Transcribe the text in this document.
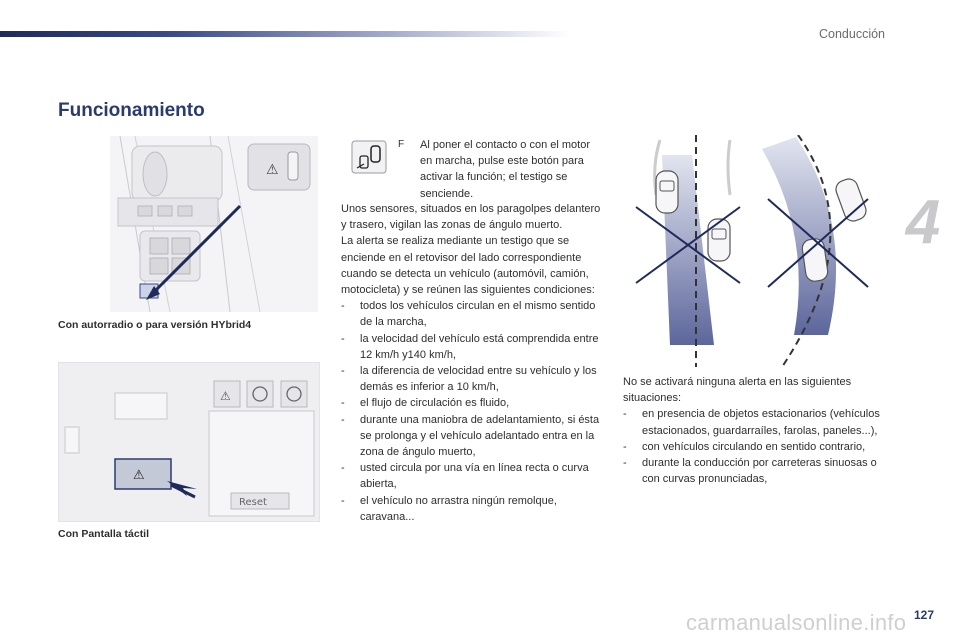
Conducción
4
Funcionamiento
⚠
Con autorradio o para versión HYbrid4
⚠
⚠
Reset
Con Pantalla táctil
F Al poner el contacto o con el motor en marcha, pulse este botón para activar la función; el testigo se senciende.

Unos sensores, situados en los paragolpes delantero y trasero, vigilan las zonas de ángulo muerto.

La alerta se realiza mediante un testigo que se enciende en el retovisor del lado correspondiente cuando se detecta un vehículo (automóvil, camión, motocicleta) y se reúnen las siguientes condiciones:

- todos los vehículos circulan en el mismo sentido de la marcha,
- la velocidad del vehículo está comprendida entre 12 km/h y140 km/h,
- la diferencia de velocidad entre su vehículo y los demás es inferior a 10 km/h,
- el flujo de circulación es fluido,
- durante una maniobra de adelantamiento, si ésta se prolonga y el vehículo adelantado entra en la zona de ángulo muerto,
- usted circula por una vía en línea recta o curva abierta,
- el vehículo no arrastra ningún remolque, caravana...

No se activará ninguna alerta en las siguientes situaciones:

- en presencia de objetos estacionarios (vehículos estacionados, guardarraíles, farolas, paneles...),
- con vehículos circulando en sentido contrario,
- durante la conducción por carreteras sinuosas o con curvas pronunciadas,
carmanualsonline.info 127
